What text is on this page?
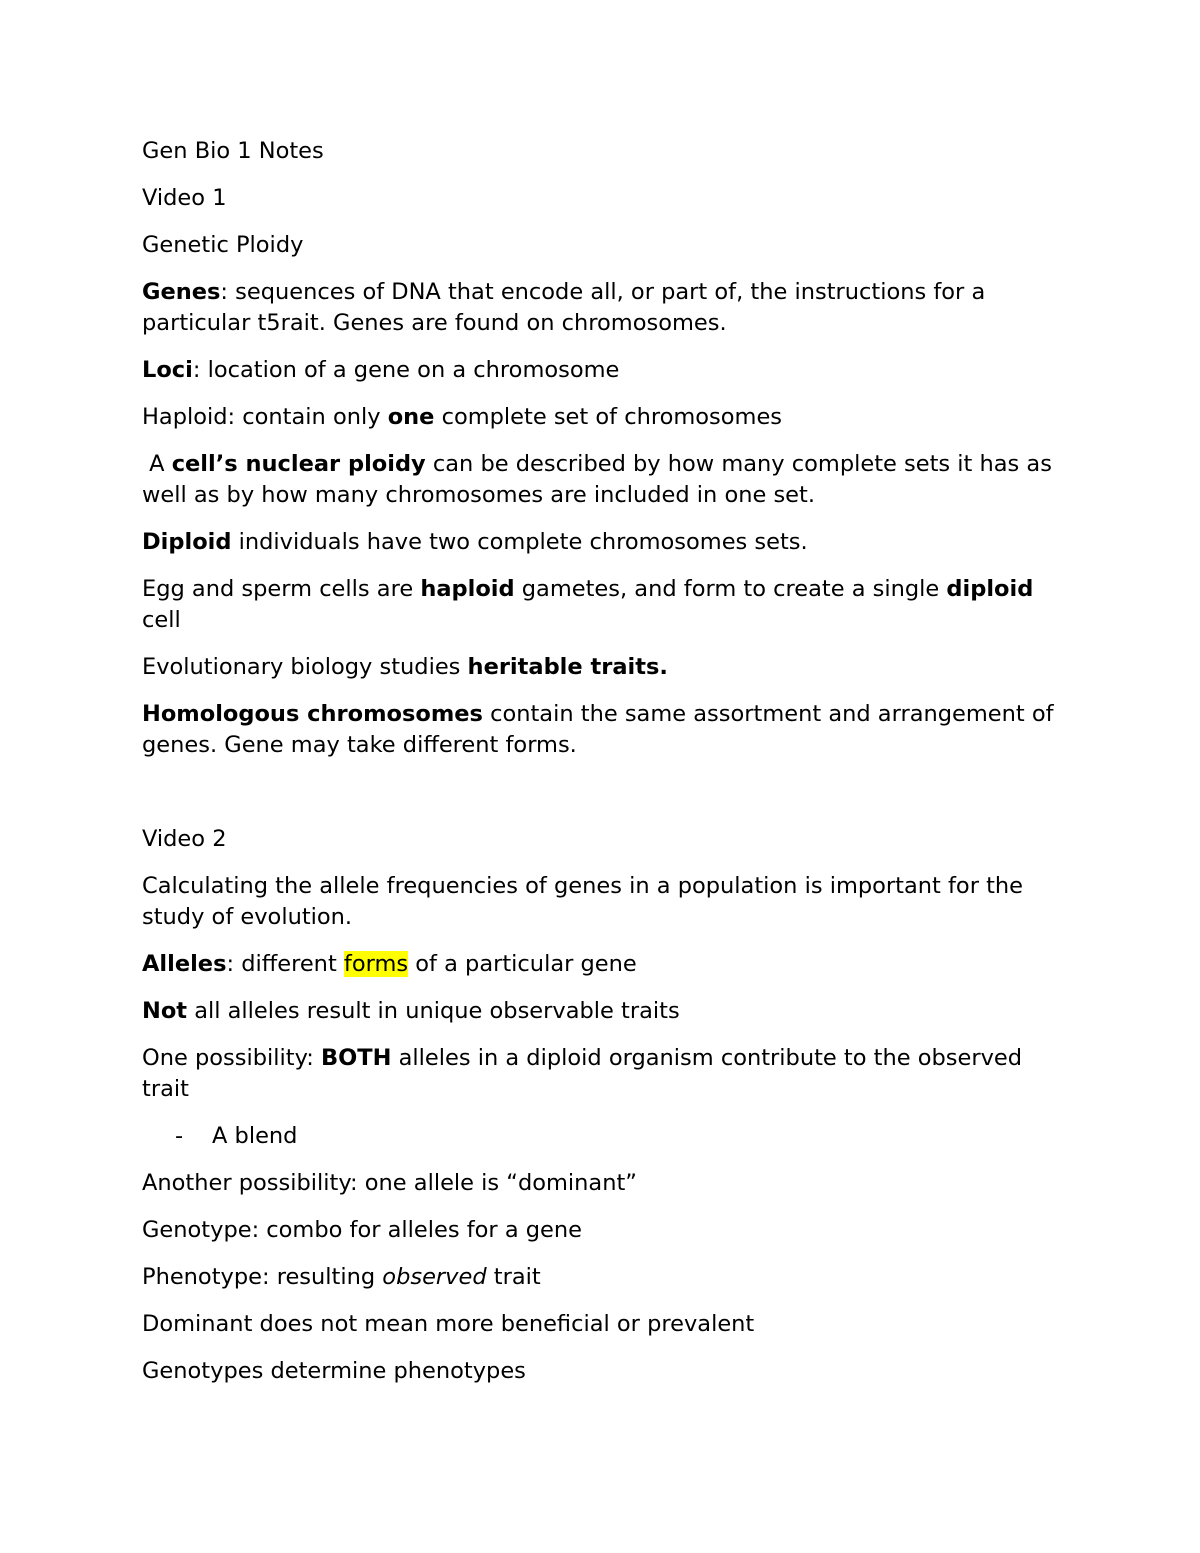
Gen Bio 1 Notes

Video 1

Genetic Ploidy

Genes: sequences of DNA that encode all, or part of, the instructions for a particular t5rait. Genes are found on chromosomes.

Loci: location of a gene on a chromosome

Haploid: contain only one complete set of chromosomes

A cell’s nuclear ploidy can be described by how many complete sets it has as well as by how many chromosomes are included in one set.

Diploid individuals have two complete chromosomes sets.

Egg and sperm cells are haploid gametes, and form to create a single diploid cell

Evolutionary biology studies heritable traits.

Homologous chromosomes contain the same assortment and arrangement of genes. Gene may take different forms.

Video 2

Calculating the allele frequencies of genes in a population is important for the study of evolution.

Alleles: different forms of a particular gene

Not all alleles result in unique observable traits

One possibility: BOTH alleles in a diploid organism contribute to the observed trait

- A blend

Another possibility: one allele is “dominant”

Genotype: combo for alleles for a gene

Phenotype: resulting observed trait

Dominant does not mean more beneficial or prevalent

Genotypes determine phenotypes
